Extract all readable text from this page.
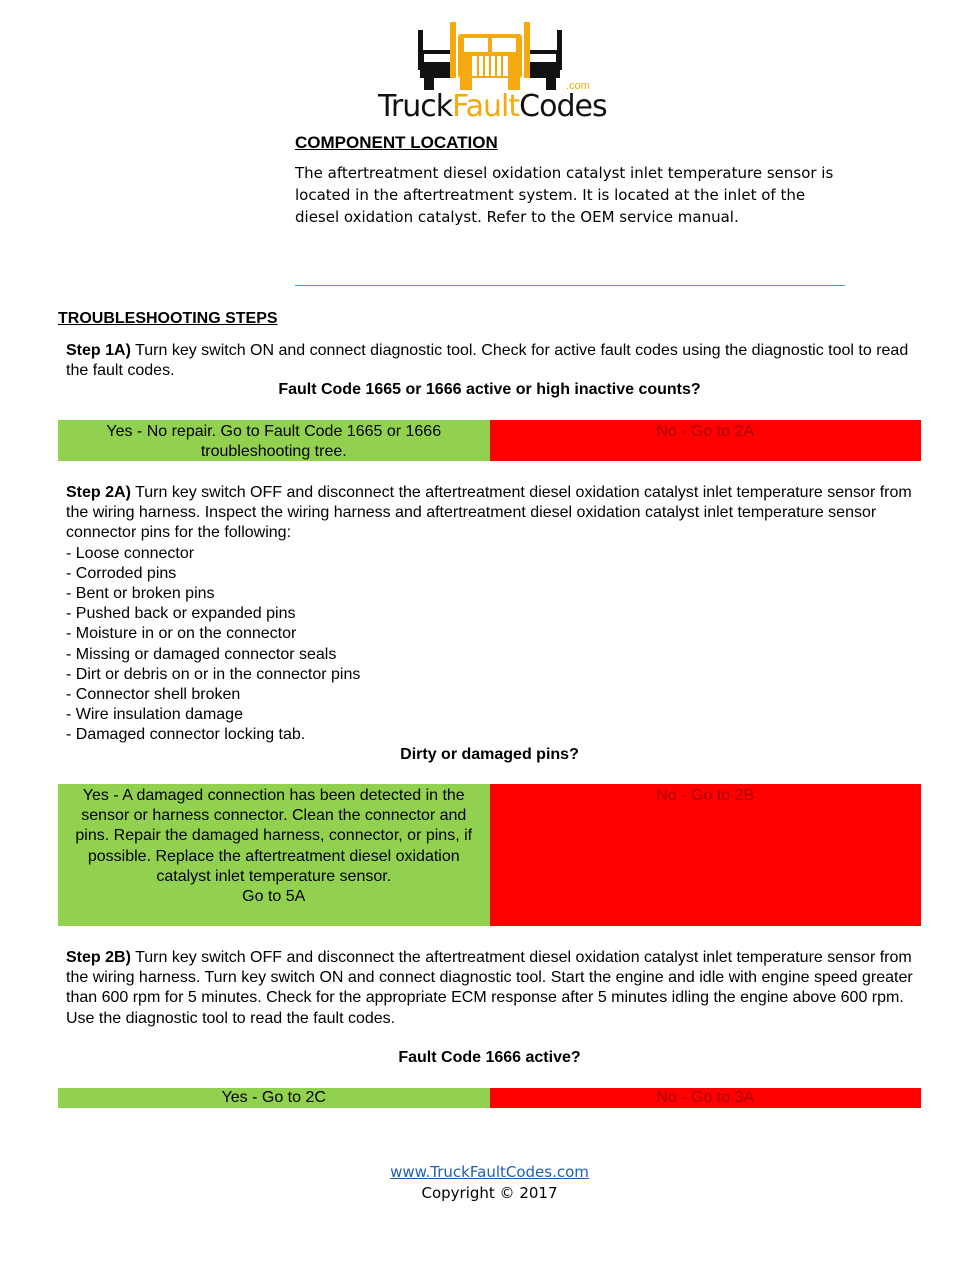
.com
TruckFaultCodes
COMPONENT LOCATION

The aftertreatment diesel oxidation catalyst inlet temperature sensor is located in the aftertreatment system. It is located at the inlet of the diesel oxidation catalyst. Refer to the OEM service manual.

TROUBLESHOOTING STEPS
Step 1A) Turn key switch ON and connect diagnostic tool. Check for active fault codes using the diagnostic tool to read the fault codes.
Fault Code 1665 or 1666 active or high inactive counts?
Yes - No repair. Go to Fault Code 1665 or 1666 troubleshooting tree.
No - Go to 2A
Step 2A) Turn key switch OFF and disconnect the aftertreatment diesel oxidation catalyst inlet temperature sensor from the wiring harness. Inspect the wiring harness and aftertreatment diesel oxidation catalyst inlet temperature sensor connector pins for the following:
- Loose connector
- Corroded pins
- Bent or broken pins
- Pushed back or expanded pins
- Moisture in or on the connector
- Missing or damaged connector seals
- Dirt or debris on or in the connector pins
- Connector shell broken
- Wire insulation damage
- Damaged connector locking tab.
Dirty or damaged pins?
Yes - A damaged connection has been detected in the sensor or harness connector. Clean the connector and pins. Repair the damaged harness, connector, or pins, if possible. Replace the aftertreatment diesel oxidation catalyst inlet temperature sensor.
Go to 5A
No - Go to 2B
Step 2B) Turn key switch OFF and disconnect the aftertreatment diesel oxidation catalyst inlet temperature sensor from the wiring harness. Turn key switch ON and connect diagnostic tool. Start the engine and idle with engine speed greater than 600 rpm for 5 minutes. Check for the appropriate ECM response after 5 minutes idling the engine above 600 rpm. Use the diagnostic tool to read the fault codes.
Fault Code 1666 active?
Yes - Go to 2C	No - Go to 3A
www.TruckFaultCodes.com
Copyright © 2017
